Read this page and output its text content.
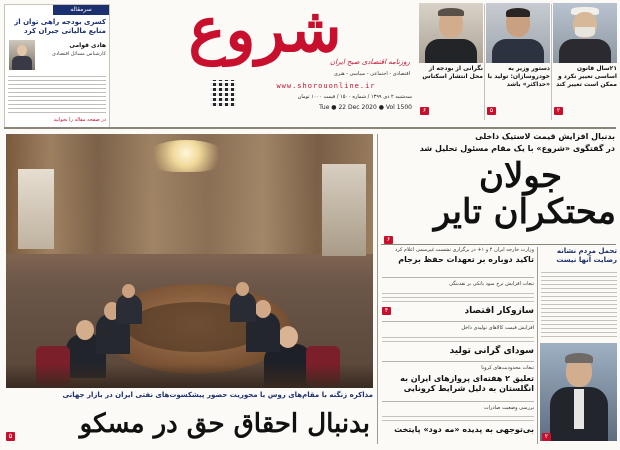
سرمقاله
کسری بودجه راهی توان از منابع مالیاتی جبران کرد
هادی قوامی
کارشناس مسائل اقتصادی
در صفحه مقاله را بخوانید
شروع
روزنامه اقتصادی صبح ایران
اقتصادی - اجتماعی - سیاسی - هنری
www.shorouonline.ir
سه‌شنبه ۲ دی ۱۳۹۹ / شماره ۱۵۰۰ / قیمت ۱۰۰۰ تومان
Tue ● 22 Dec 2020 ● Vol 1500
۲۱سال قانون اساسی تغییر نکرد و ممکن است تغییر کند
۲
دستور وزیر به خودروسازان: تولید با «حداکثر» باشد
۵
نگرانی از بودجه از محل انتشار اسکناس
۶
مذاکره زنگنه با مقام‌های روس با محوریت حضور پیشکسوت‌های نفتی ایران در بازار جهانی
بدنبال احقاق حق در مسکو
۵
بدنبال افزایش قیمت لاستیک داخلی
در گفتگوی «شروع» با یک مقام مسئول تحلیل شد
جولان
محتکران تایر
۶
وزارت خارجه ایران ۴ و ۱+ در برگزاری نشست غیرسمی اعلام کرد
تاکید دوباره بر تعهدات حفظ برجام
تبعات افزایش نرخ سود بانکی بر نقدینگی
سازوکار اقتصاد
۴
افزایش قیمت کالاهای تولیدی داخل
سودای گرانی تولید
تبعات محدودیت‌های کرونا
تعلیق ۲ هفته‌ای پروازهای ایران به انگلستان به دلیل شرایط کرونایی
بررسی وضعیت صادرات
بی‌توجهی به پدیده «مه دود» پایتخت
تحمل مردم نشانه رضایت آنها نیست
۲
